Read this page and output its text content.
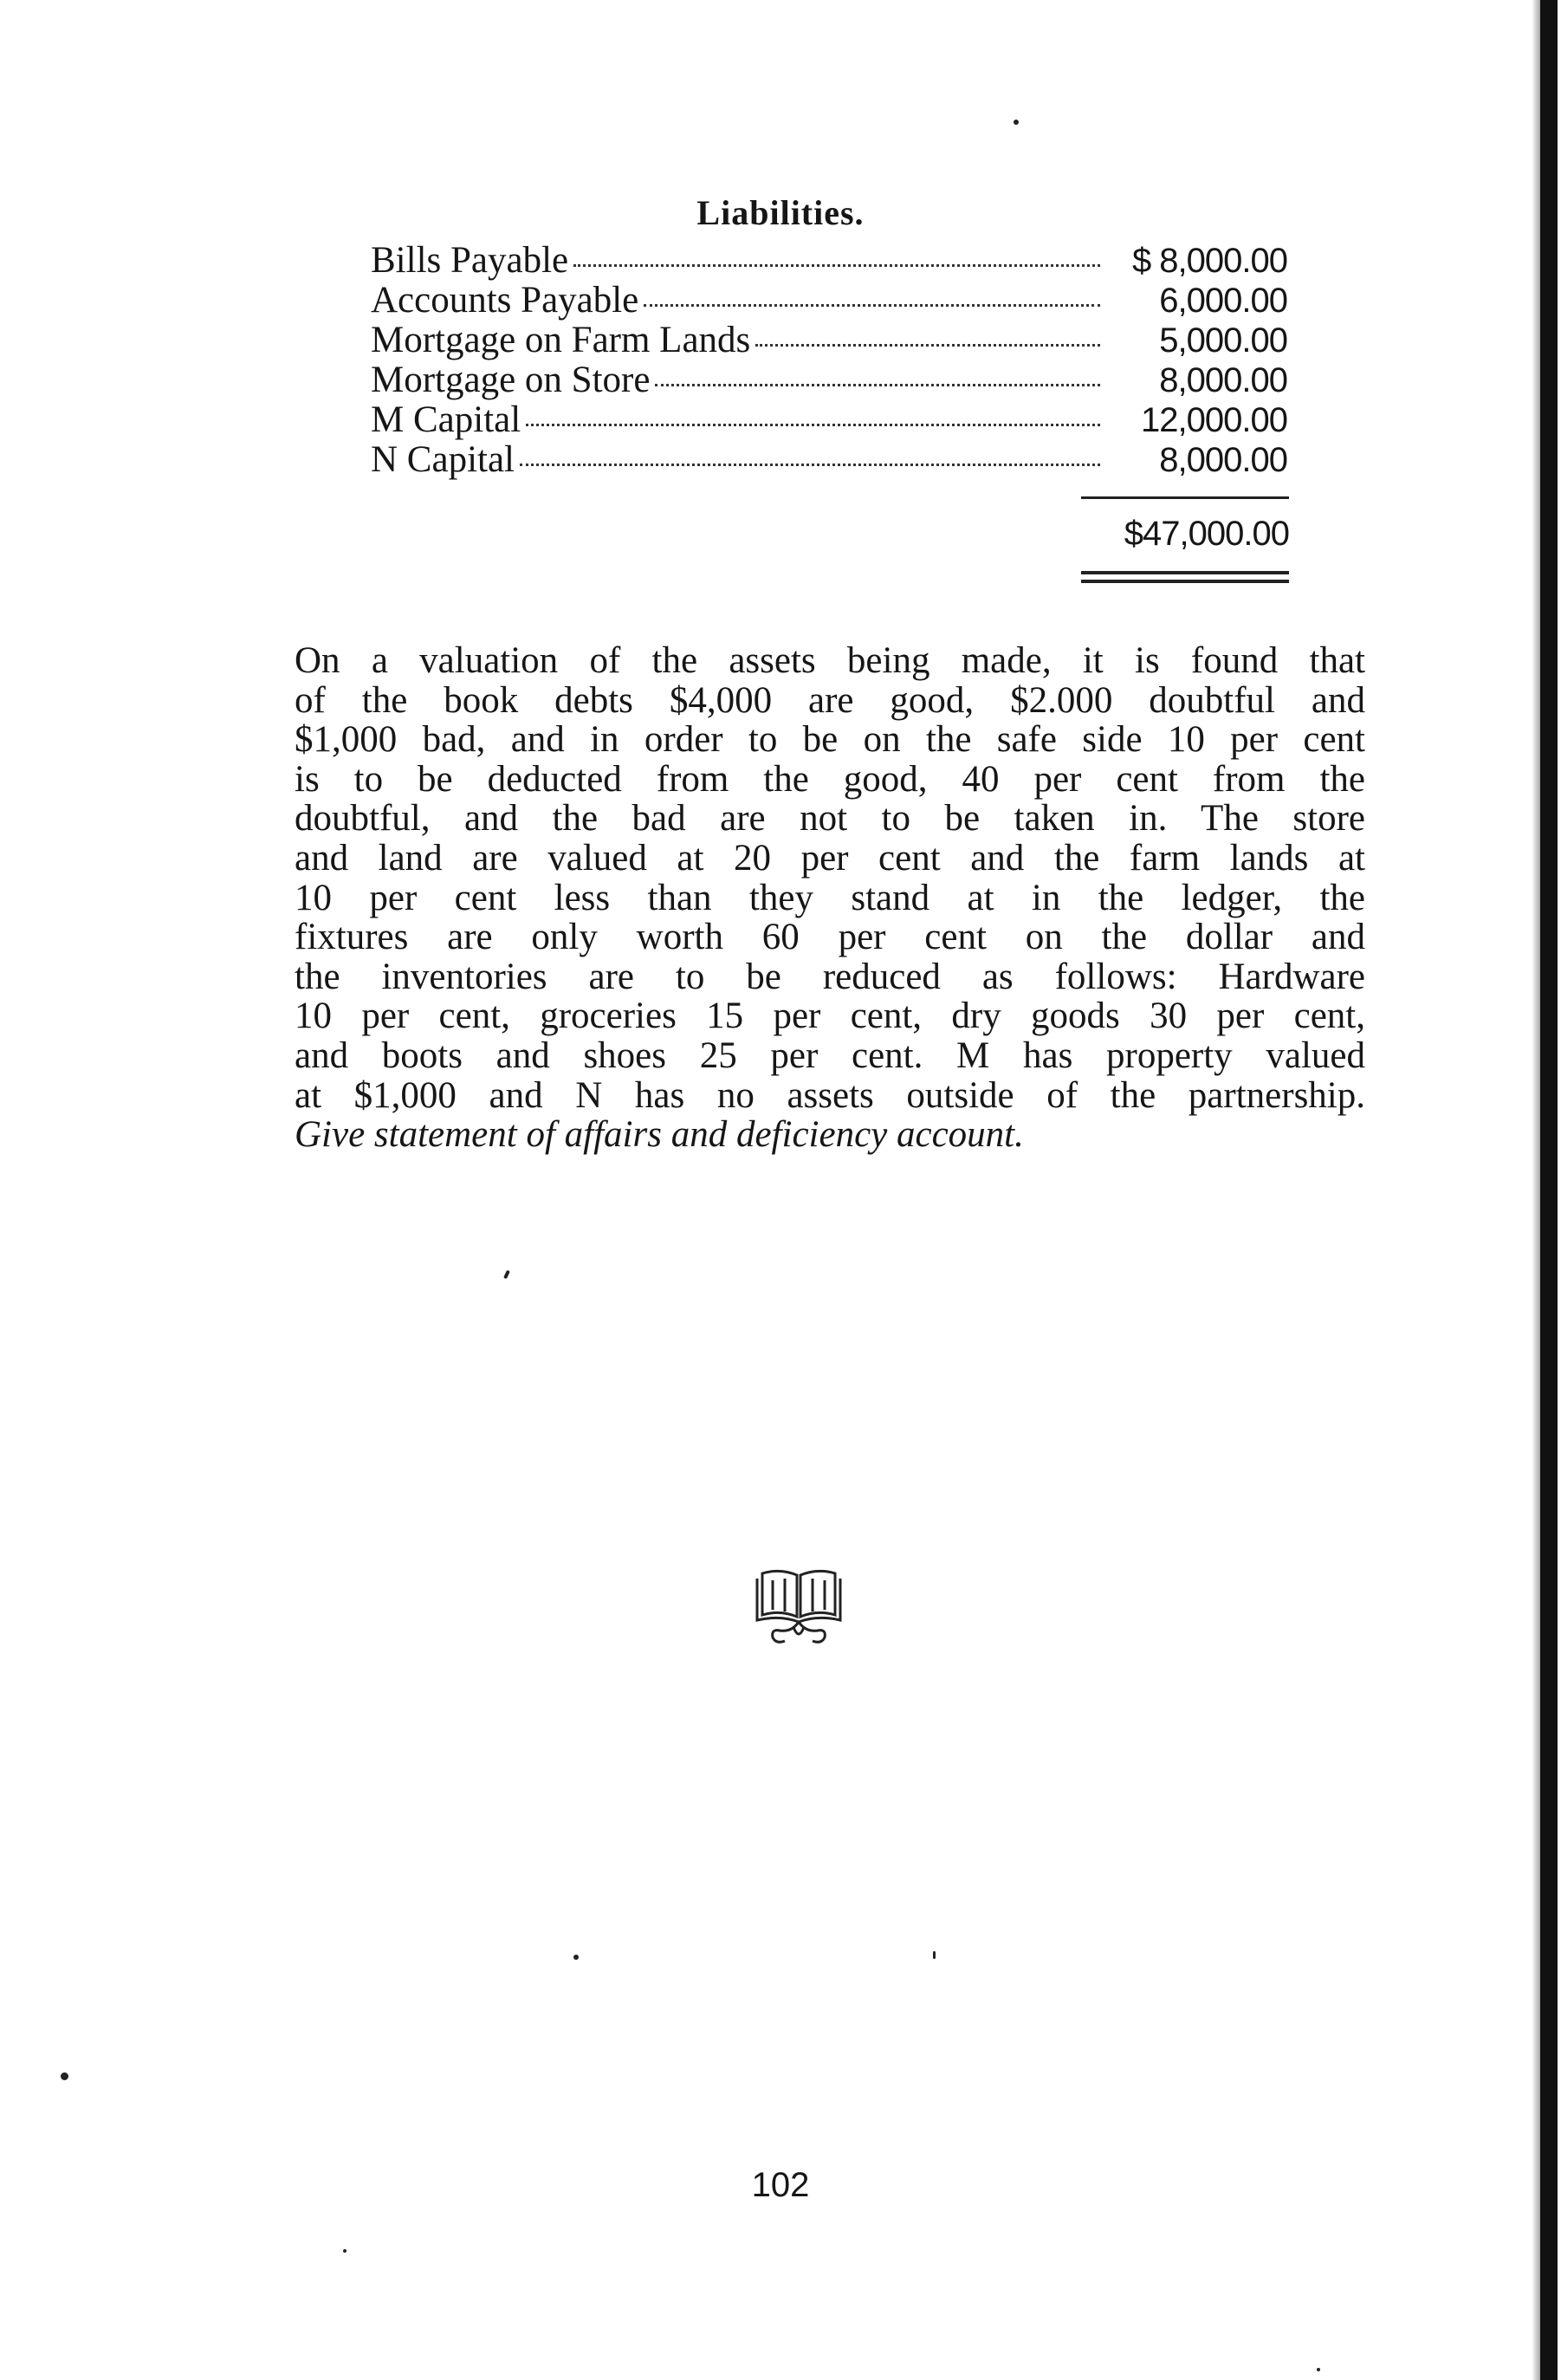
Liabilities.
Bills Payable	$ 8,000.00
Accounts Payable	6,000.00
Mortgage on Farm Lands	5,000.00
Mortgage on Store	8,000.00
M Capital	12,000.00
N Capital	8,000.00
$47,000.00
On a valuation of the assets being made, it is found that
of the book debts $4,000 are good, $2.000 doubtful and
$1,000 bad, and in order to be on the safe side 10 per cent
is to be deducted from the good, 40 per cent from the
doubtful, and the bad are not to be taken in. The store
and land are valued at 20 per cent and the farm lands at
10 per cent less than they stand at in the ledger, the
fixtures are only worth 60 per cent on the dollar and
the inventories are to be reduced as follows: Hardware
10 per cent, groceries 15 per cent, dry goods 30 per cent,
and boots and shoes 25 per cent. M has property valued
at $1,000 and N has no assets outside of the partnership.
Give statement of affairs and deficiency account.
102
